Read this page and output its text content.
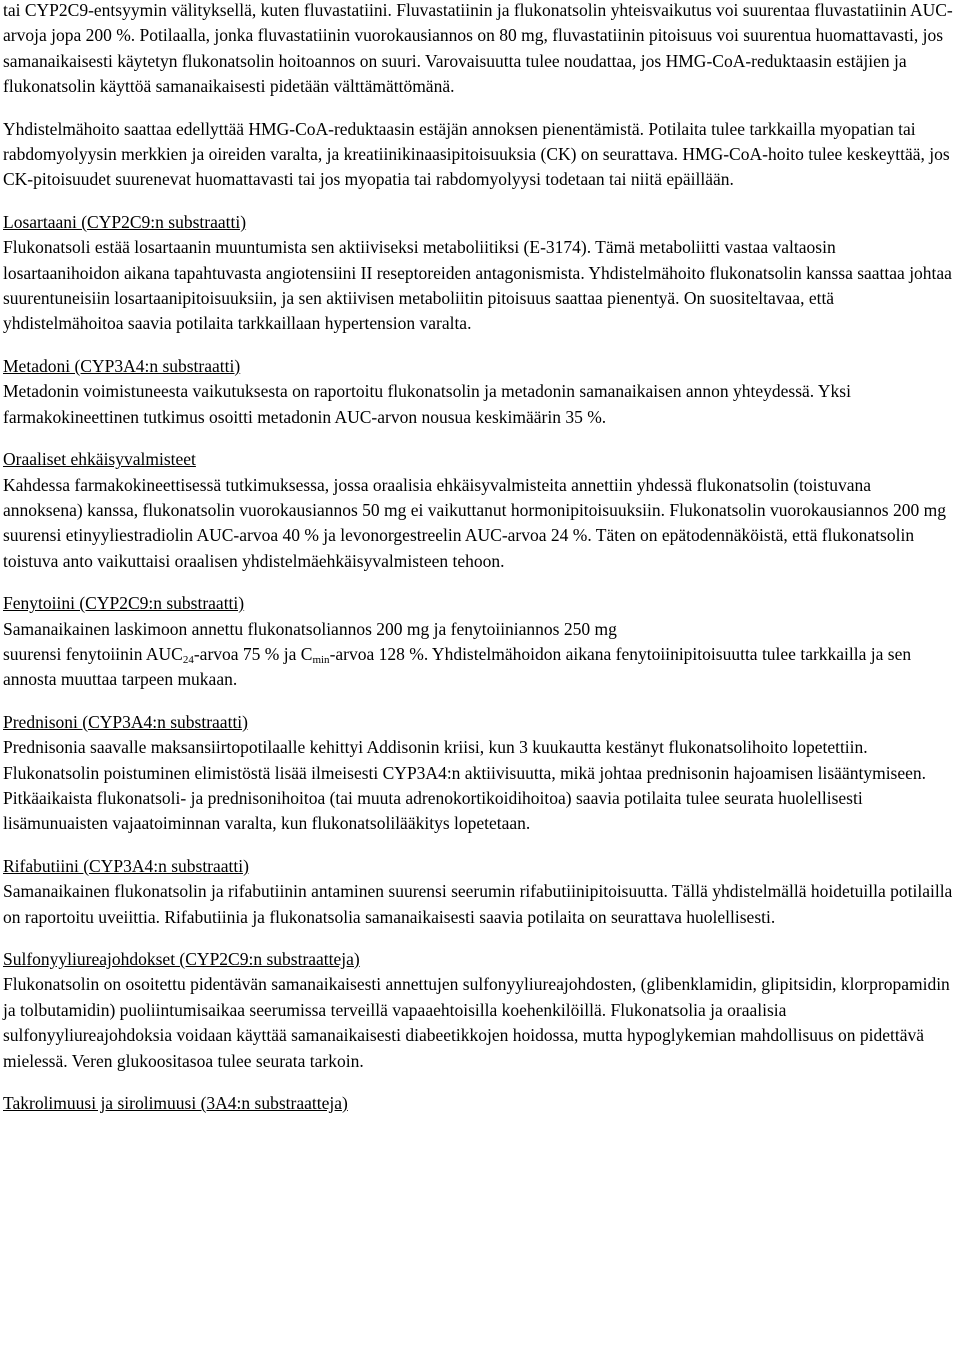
tai CYP2C9-entsyymin välityksellä, kuten fluvastatiini. Fluvastatiinin ja flukonatsolin yhteisvaikutus voi suurentaa fluvastatiinin AUC-arvoja jopa 200 %. Potilaalla, jonka fluvastatiinin vuorokausiannos on 80 mg, fluvastatiinin pitoisuus voi suurentua huomattavasti, jos samanaikaisesti käytetyn flukonatsolin hoitoannos on suuri. Varovaisuutta tulee noudattaa, jos HMG-CoA-reduktaasin estäjien ja flukonatsolin käyttöä samanaikaisesti pidetään välttämättömänä.

Yhdistelmähoito saattaa edellyttää HMG-CoA-reduktaasin estäjän annoksen pienentämistä. Potilaita tulee tarkkailla myopatian tai rabdomyolyysin merkkien ja oireiden varalta, ja kreatiinikinaasipitoisuuksia (CK) on seurattava. HMG-CoA-hoito tulee keskeyttää, jos CK-pitoisuudet suurenevat huomattavasti tai jos myopatia tai rabdomyolyysi todetaan tai niitä epäillään.

Losartaani (CYP2C9:n substraatti)

Flukonatsoli estää losartaanin muuntumista sen aktiiviseksi metaboliitiksi (E-3174). Tämä metaboliitti vastaa valtaosin losartaanihoidon aikana tapahtuvasta angiotensiini II reseptoreiden antagonismista. Yhdistelmähoito flukonatsolin kanssa saattaa johtaa suurentuneisiin losartaanipitoisuuksiin, ja sen aktiivisen metaboliitin pitoisuus saattaa pienentyä. On suositeltavaa, että yhdistelmähoitoa saavia potilaita tarkkaillaan hypertension varalta.

Metadoni (CYP3A4:n substraatti)

Metadonin voimistuneesta vaikutuksesta on raportoitu flukonatsolin ja metadonin samanaikaisen annon yhteydessä. Yksi farmakokineettinen tutkimus osoitti metadonin AUC-arvon nousua keskimäärin 35 %.

Oraaliset ehkäisyvalmisteet

Kahdessa farmakokineettisessä tutkimuksessa, jossa oraalisia ehkäisyvalmisteita annettiin yhdessä flukonatsolin (toistuvana annoksena) kanssa, flukonatsolin vuorokausiannos 50 mg ei vaikuttanut hormonipitoisuuksiin. Flukonatsolin vuorokausiannos 200 mg suurensi etinyyliestradiolin AUC-arvoa 40 % ja levonorgestreelin AUC-arvoa 24 %. Täten on epätodennäköistä, että flukonatsolin toistuva anto vaikuttaisi oraalisen yhdistelmäehkäisyvalmisteen tehoon.

Fenytoiini (CYP2C9:n substraatti)

Samanaikainen laskimoon annettu flukonatsoliannos 200 mg ja fenytoiiniannos 250 mg

suurensi fenytoiinin $AUC_{24}$-arvoa 75 % ja $C_{min}$-arvoa 128 %. Yhdistelmähoidon aikana fenytoiinipitoisuutta tulee tarkkailla ja sen annosta muuttaa tarpeen mukaan.

Prednisoni (CYP3A4:n substraatti)

Prednisonia saavalle maksansiirtopotilaalle kehittyi Addisonin kriisi, kun 3 kuukautta kestänyt flukonatsolihoito lopetettiin. Flukonatsolin poistuminen elimistöstä lisää ilmeisesti CYP3A4:n aktiivisuutta, mikä johtaa prednisonin hajoamisen lisääntymiseen. Pitkäaikaista flukonatsoli- ja prednisonihoitoa (tai muuta adrenokortikoidihoitoa) saavia potilaita tulee seurata huolellisesti lisämunuaisten vajaatoiminnan varalta, kun flukonatsolilääkitys lopetetaan.

Rifabutiini (CYP3A4:n substraatti)

Samanaikainen flukonatsolin ja rifabutiinin antaminen suurensi seerumin rifabutiinipitoisuutta. Tällä yhdistelmällä hoidetuilla potilailla on raportoitu uveiittia. Rifabutiinia ja flukonatsolia samanaikaisesti saavia potilaita on seurattava huolellisesti.

Sulfonyyliureajohdokset (CYP2C9:n substraatteja)

Flukonatsolin on osoitettu pidentävän samanaikaisesti annettujen sulfonyyliureajohdosten, (glibenklamidin, glipitsidin, klorpropamidin ja tolbutamidin) puoliintumisaikaa seerumissa terveillä vapaaehtoisilla koehenkilöillä. Flukonatsolia ja oraalisia sulfonyyliureajohdoksia voidaan käyttää samanaikaisesti diabeetikkojen hoidossa, mutta hypoglykemian mahdollisuus on pidettävä mielessä. Veren glukoositasoa tulee seurata tarkoin.

Takrolimuusi ja sirolimuusi (3A4:n substraatteja)
